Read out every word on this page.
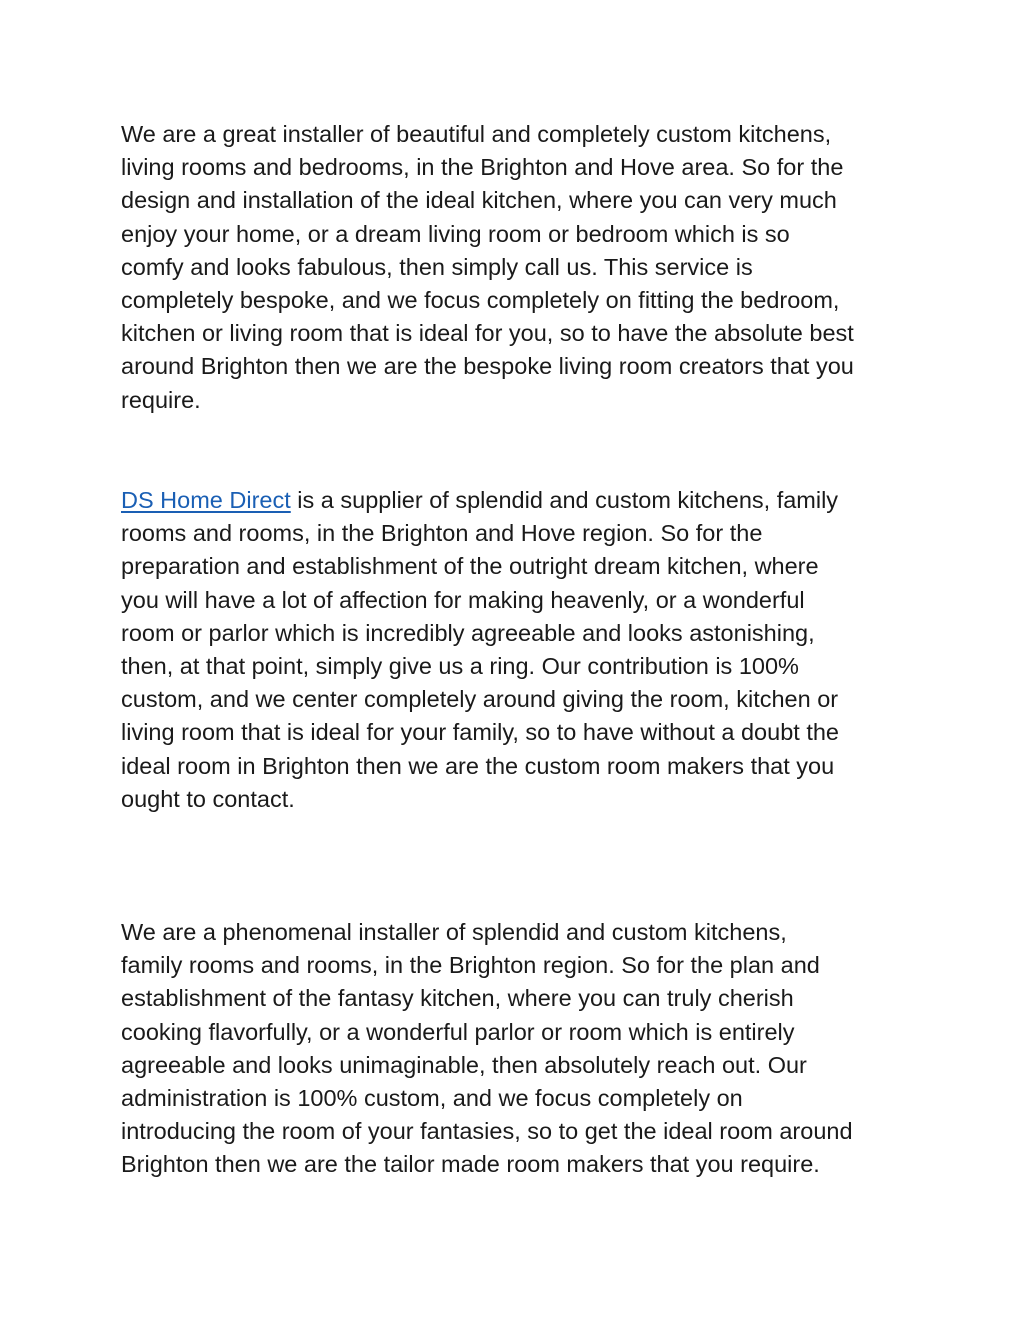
We are a great installer of beautiful and completely custom kitchens,
living rooms and bedrooms, in the Brighton and Hove area. So for the
design and installation of the ideal kitchen, where you can very much
enjoy your home, or a dream living room or bedroom which is so
comfy and looks fabulous, then simply call us. This service is
completely bespoke, and we focus completely on fitting the bedroom,
kitchen or living room that is ideal for you, so to have the absolute best
around Brighton then we are the bespoke living room creators that you
require.

DS Home Direct is a supplier of splendid and custom kitchens, family
rooms and rooms, in the Brighton and Hove region. So for the
preparation and establishment of the outright dream kitchen, where
you will have a lot of affection for making heavenly, or a wonderful
room or parlor which is incredibly agreeable and looks astonishing,
then, at that point, simply give us a ring. Our contribution is 100%
custom, and we center completely around giving the room, kitchen or
living room that is ideal for your family, so to have without a doubt the
ideal room in Brighton then we are the custom room makers that you
ought to contact.

We are a phenomenal installer of splendid and custom kitchens,
family rooms and rooms, in the Brighton region. So for the plan and
establishment of the fantasy kitchen, where you can truly cherish
cooking flavorfully, or a wonderful parlor or room which is entirely
agreeable and looks unimaginable, then absolutely reach out. Our
administration is 100% custom, and we focus completely on
introducing the room of your fantasies, so to get the ideal room around
Brighton then we are the tailor made room makers that you require.
